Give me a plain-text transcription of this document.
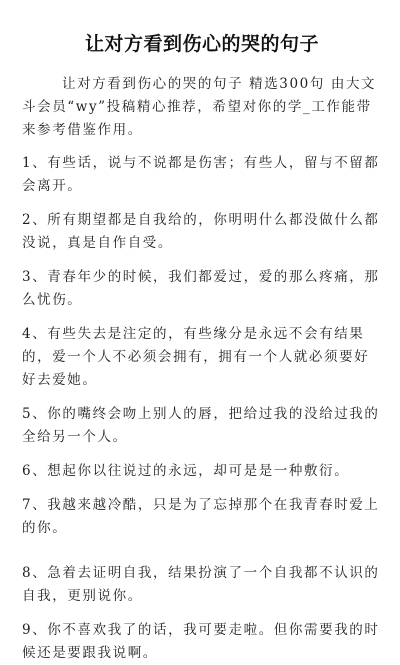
让对方看到伤心的哭的句子

让对方看到伤心的哭的句子 精选300句 由大文斗会员“wy”投稿精心推荐，希望对你的学_工作能带来参考借鉴作用。

1、有些话，说与不说都是伤害；有些人，留与不留都会离开。

2、所有期望都是自我给的，你明明什么都没做什么都没说，真是自作自受。

3、青春年少的时候，我们都爱过，爱的那么疼痛，那么忧伤。

4、有些失去是注定的，有些缘分是永远不会有结果的，爱一个人不必须会拥有，拥有一个人就必须要好好去爱她。

5、你的嘴终会吻上别人的唇，把给过我的没给过我的全给另一个人。

6、想起你以往说过的永远，却可是是一种敷衍。

7、我越来越冷酷，只是为了忘掉那个在我青春时爱上的你。

8、急着去证明自我，结果扮演了一个自我都不认识的自我，更别说你。

9、你不喜欢我了的话，我可要走啦。但你需要我的时候还是要跟我说啊。
